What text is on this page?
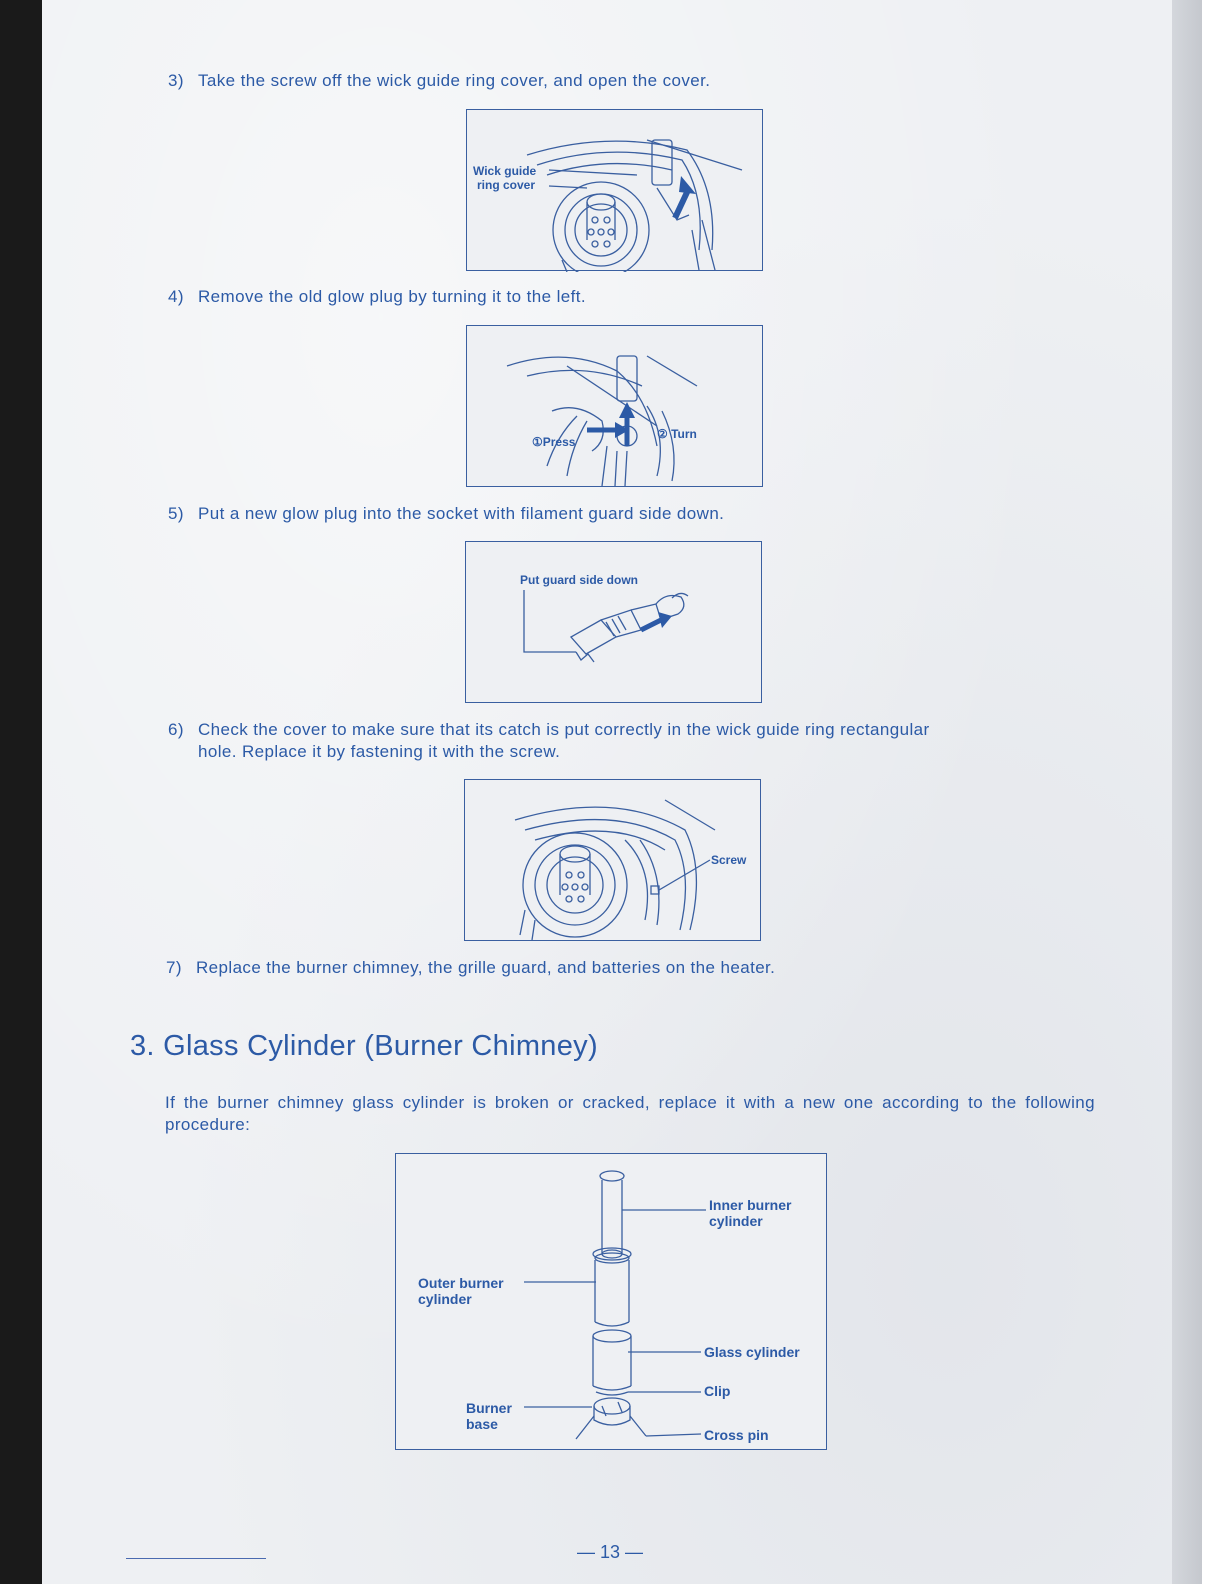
3) Take the screw off the wick guide ring cover, and open the cover.
Wick guide
ring cover
4) Remove the old glow plug by turning it to the left.
①Press
② Turn
5) Put a new glow plug into the socket with filament guard side down.
Put guard side down
6) Check the cover to make sure that its catch is put correctly in the wick guide ring rectangular
hole. Replace it by fastening it with the screw.
Screw
7) Replace the burner chimney, the grille guard, and batteries on the heater.
3. Glass Cylinder (Burner Chimney)
If the burner chimney glass cylinder is broken or cracked, replace it with a new one according to the following procedure:
Inner burner
cylinder
Outer burner
cylinder
Glass cylinder
Clip
Burner
base
Cross pin
— 13 —
